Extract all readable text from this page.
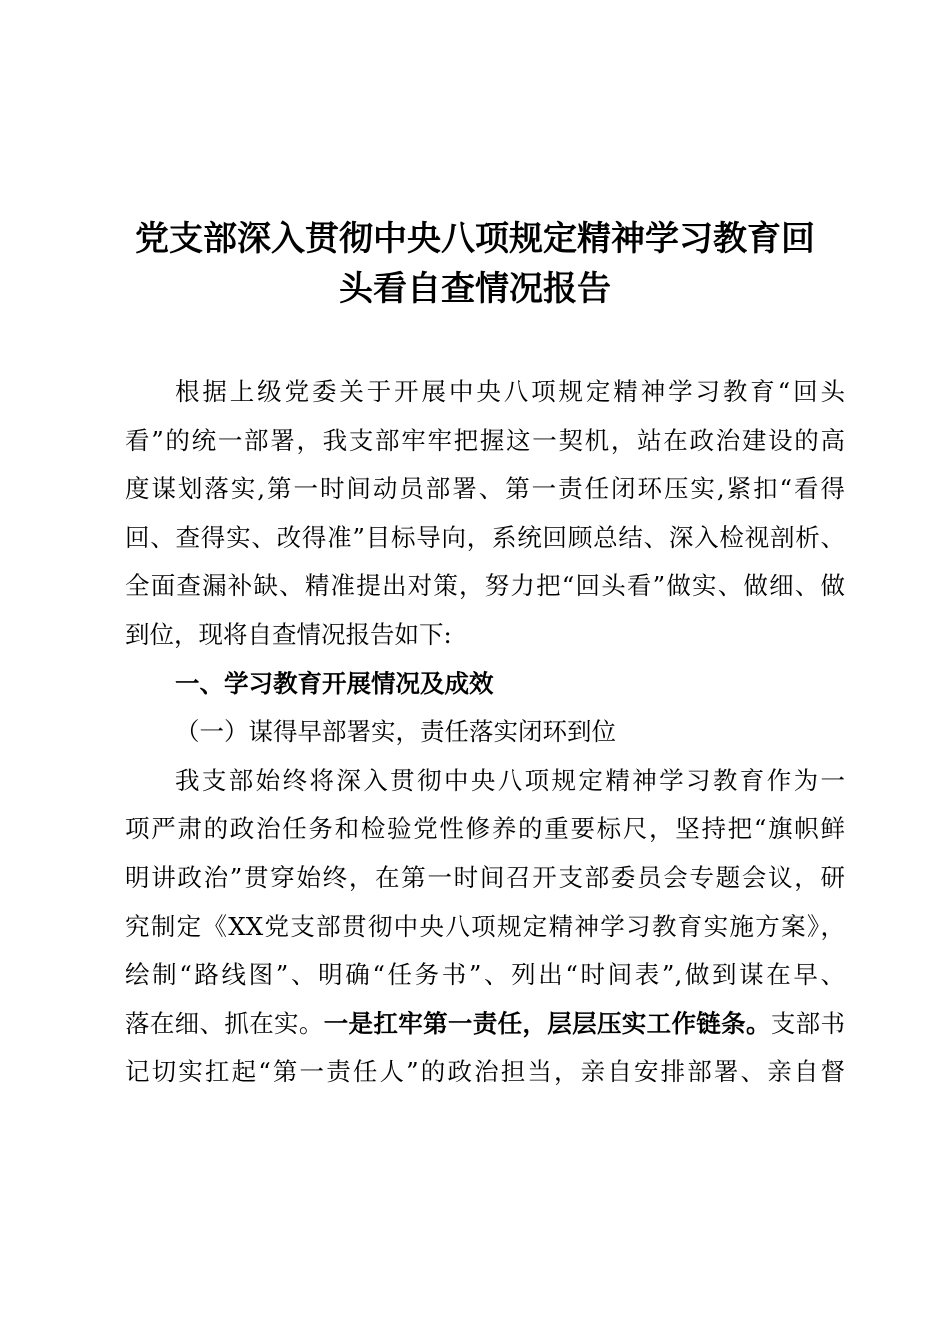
党支部深入贯彻中央八项规定精神学习教育回
头看自查情况报告
根据上级党委关于开展中央八项规定精神学习教育“回头
看”的统一部署，我支部牢牢把握这一契机，站在政治建设的高
度谋划落实,第一时间动员部署、第一责任闭环压实,紧扣“看得
回、查得实、改得准”目标导向，系统回顾总结、深入检视剖析、
全面查漏补缺、精准提出对策，努力把“回头看”做实、做细、做
到位，现将自查情况报告如下:
一、学习教育开展情况及成效
（一）谋得早部署实，责任落实闭环到位
我支部始终将深入贯彻中央八项规定精神学习教育作为一
项严肃的政治任务和检验党性修养的重要标尺，坚持把“旗帜鲜
明讲政治”贯穿始终，在第一时间召开支部委员会专题会议，研
究制定《XX党支部贯彻中央八项规定精神学习教育实施方案》，
绘制“路线图”、明确“任务书”、列出“时间表”,做到谋在早、
落在细、抓在实。一是扛牢第一责任，层层压实工作链条。支部书
记切实扛起“第一责任人”的政治担当，亲自安排部署、亲自督
